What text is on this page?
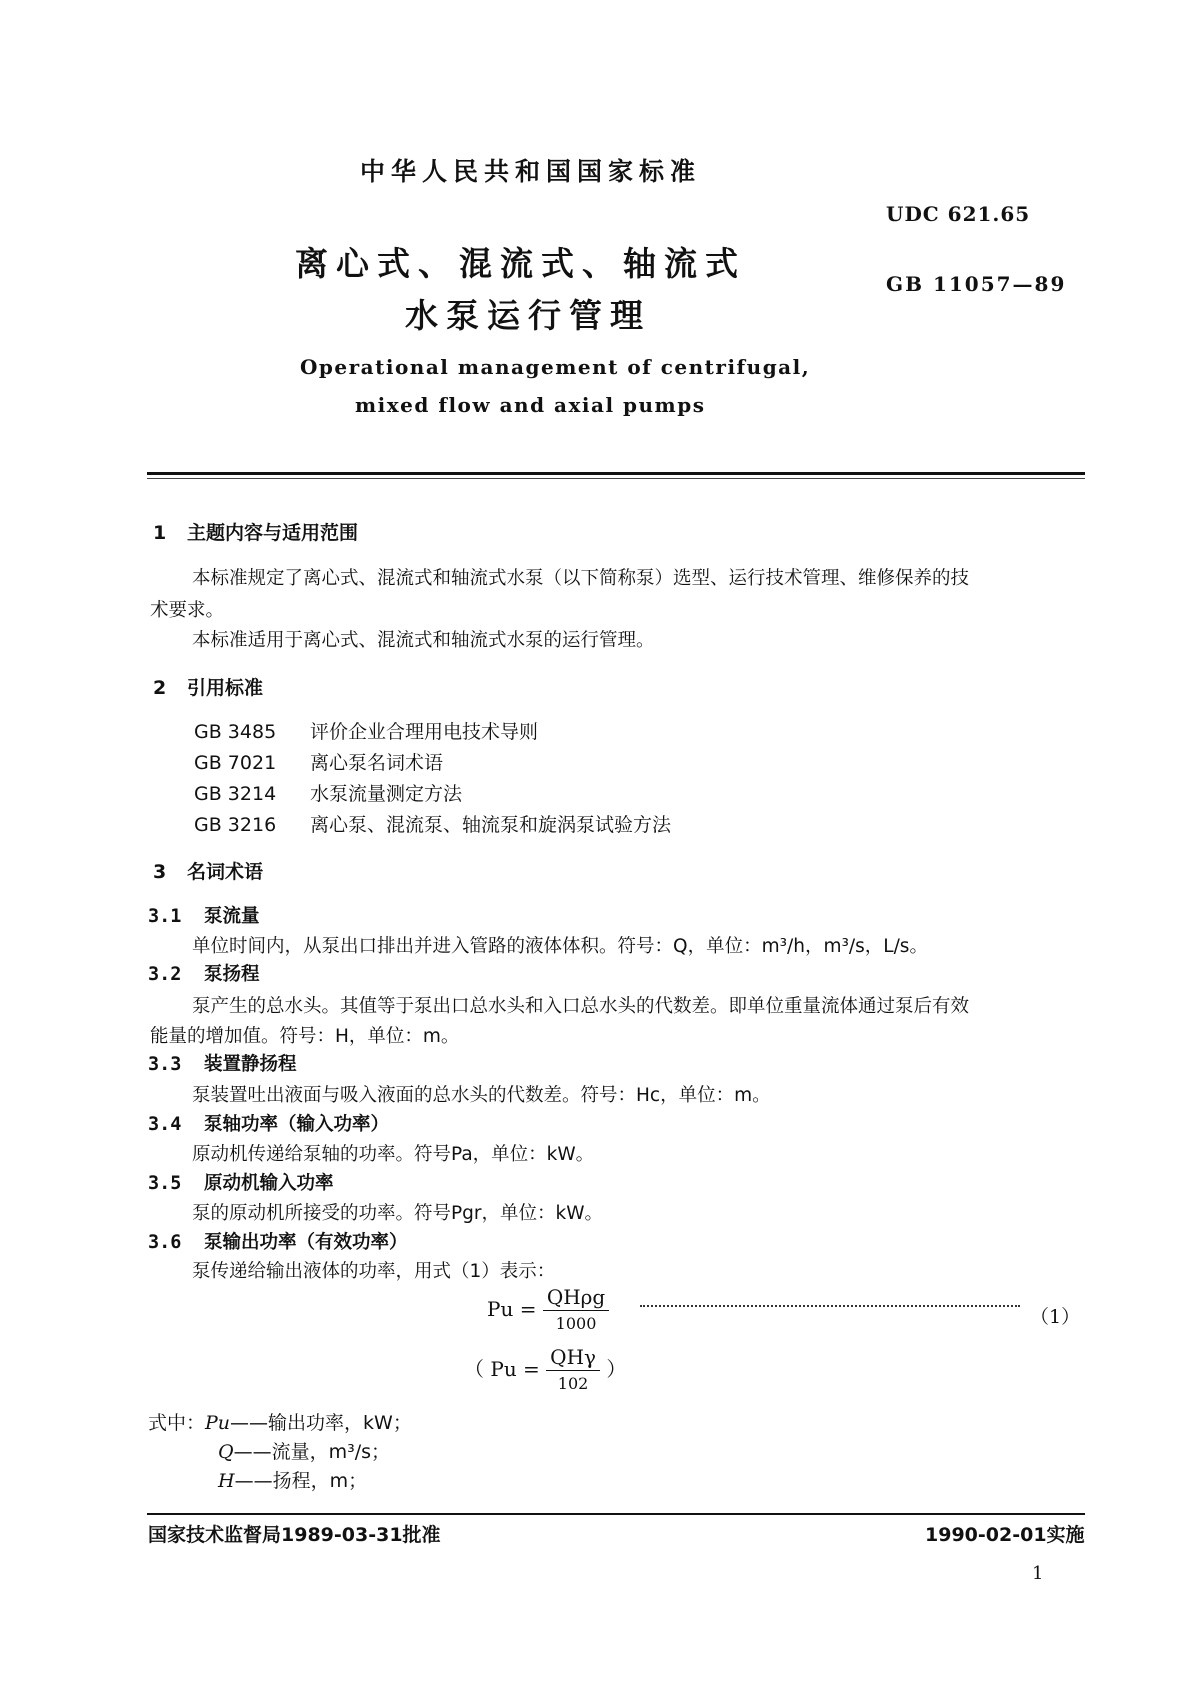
中华人民共和国国家标准
UDC 621.65
GB 11057—89
离心式、混流式、轴流式
水泵运行管理
Operational management of centrifugal,
mixed flow and axial pumps
1 主题内容与适用范围
本标准规定了离心式、混流式和轴流式水泵（以下简称泵）选型、运行技术管理、维修保养的技
术要求。
本标准适用于离心式、混流式和轴流式水泵的运行管理。
2 引用标准
GB 3485 评价企业合理用电技术导则
GB 7021 离心泵名词术语
GB 3214 水泵流量测定方法
GB 3216 离心泵、混流泵、轴流泵和旋涡泵试验方法
3 名词术语
3.1 泵流量
单位时间内，从泵出口排出并进入管路的液体体积。符号：Q，单位：m³/h，m³/s，L/s。
3.2 泵扬程
泵产生的总水头。其值等于泵出口总水头和入口总水头的代数差。即单位重量流体通过泵后有效
能量的增加值。符号：H，单位：m。
3.3 装置静扬程
泵装置吐出液面与吸入液面的总水头的代数差。符号：Hc，单位：m。
3.4 泵轴功率（输入功率）
原动机传递给泵轴的功率。符号Pa，单位：kW。
3.5 原动机输入功率
泵的原动机所接受的功率。符号Pgr，单位：kW。
3.6 泵输出功率（有效功率）
泵传递给输出液体的功率，用式（1）表示：
$Pu = \frac{\text{QHρg}}{1000}$	（1）
（ $Pu = \frac{\text{QHγ}}{102}$ ）
式中：Pu——输出功率，kW；
Q——流量，m³/s；
H——扬程，m；
国家技术监督局1989-03-31批准	1990-02-01实施
1
